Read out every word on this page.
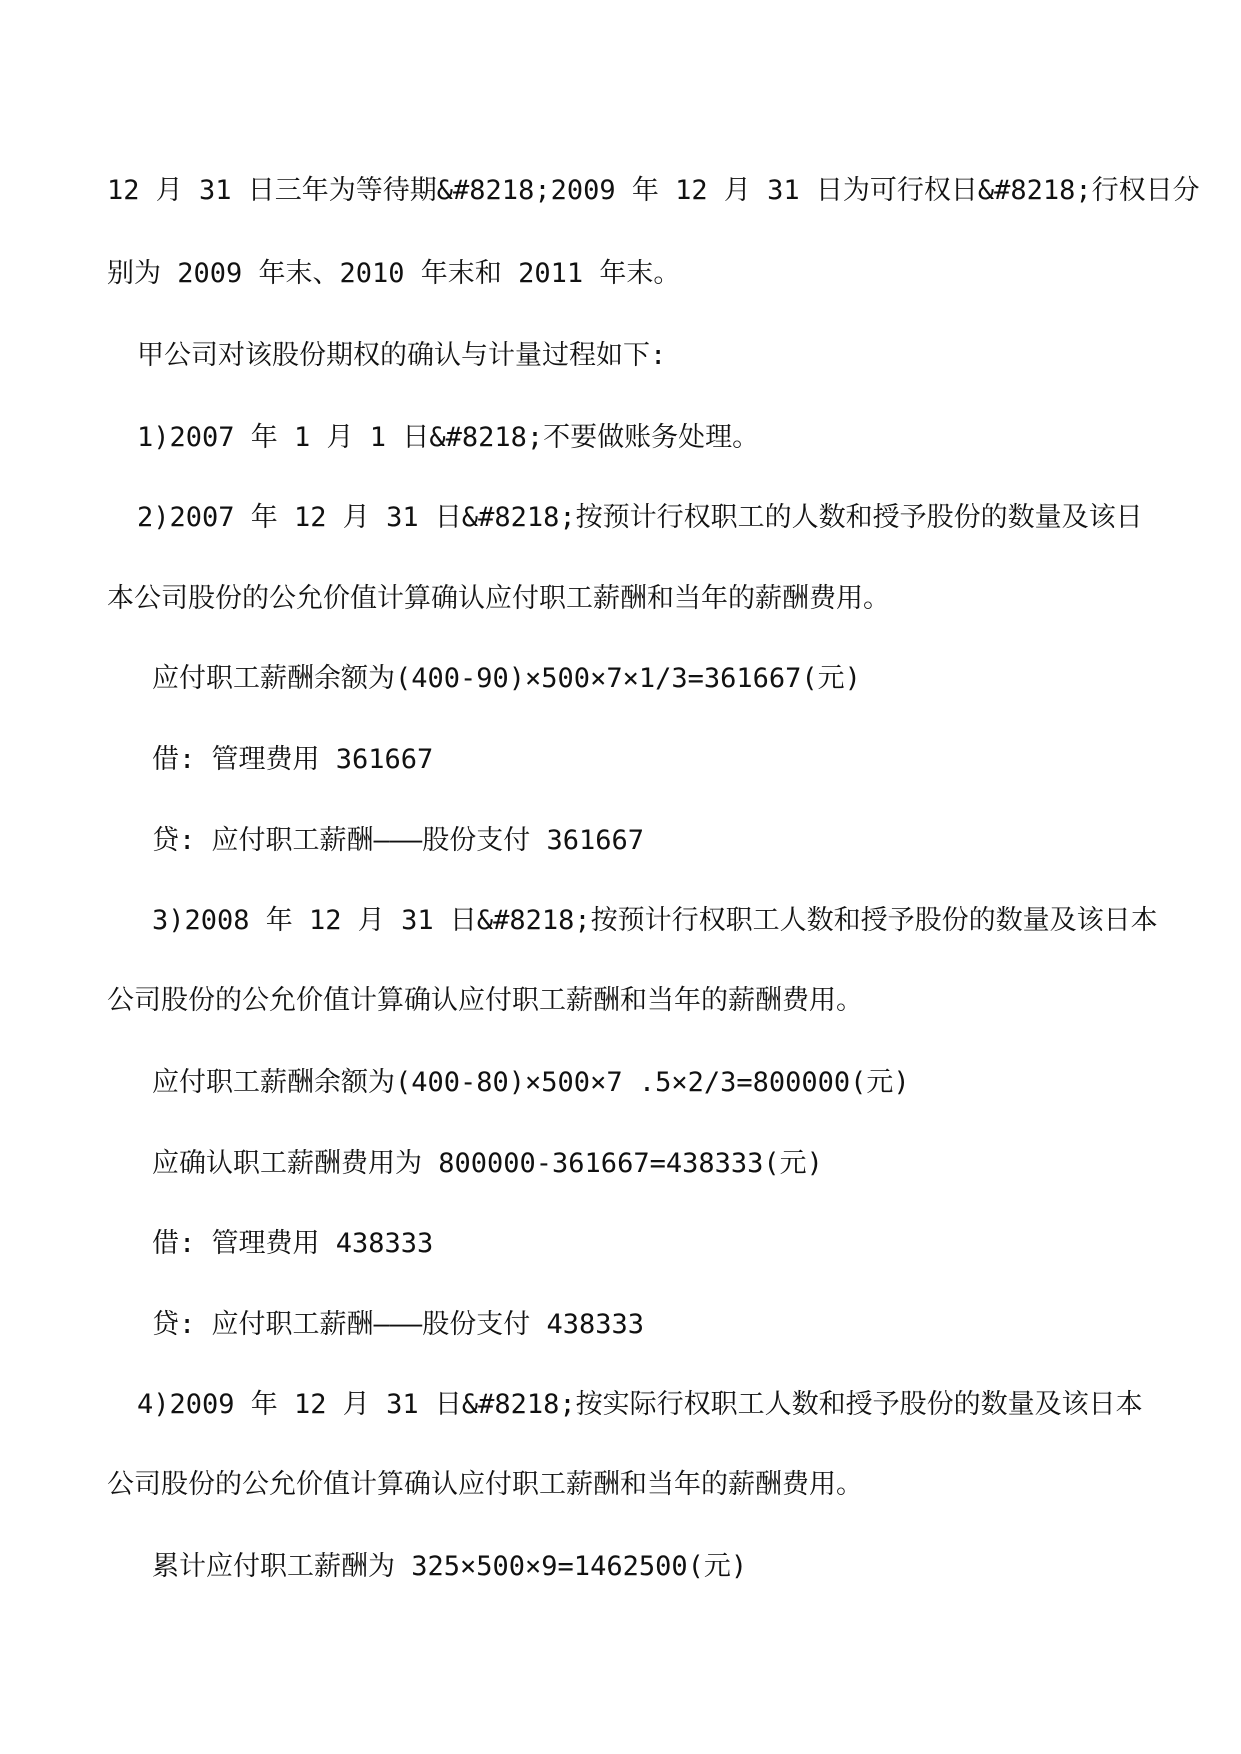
12 月 31 日三年为等待期&#8218;2009 年 12 月 31 日为可行权日&#8218;行权日分
别为 2009 年末、2010 年末和 2011 年末。
甲公司对该股份期权的确认与计量过程如下:
1)2007 年 1 月 1 日&#8218;不要做账务处理。
2)2007 年 12 月 31 日&#8218;按预计行权职工的人数和授予股份的数量及该日
本公司股份的公允价值计算确认应付职工薪酬和当年的薪酬费用。
应付职工薪酬余额为(400-90)×500×7×1/3=361667(元)
借: 管理费用 361667
贷: 应付职工薪酬———股份支付 361667
3)2008 年 12 月 31 日&#8218;按预计行权职工人数和授予股份的数量及该日本
公司股份的公允价值计算确认应付职工薪酬和当年的薪酬费用。
应付职工薪酬余额为(400-80)×500×7 .5×2/3=800000(元)
应确认职工薪酬费用为 800000-361667=438333(元)
借: 管理费用 438333
贷: 应付职工薪酬———股份支付 438333
4)2009 年 12 月 31 日&#8218;按实际行权职工人数和授予股份的数量及该日本
公司股份的公允价值计算确认应付职工薪酬和当年的薪酬费用。
累计应付职工薪酬为 325×500×9=1462500(元)
